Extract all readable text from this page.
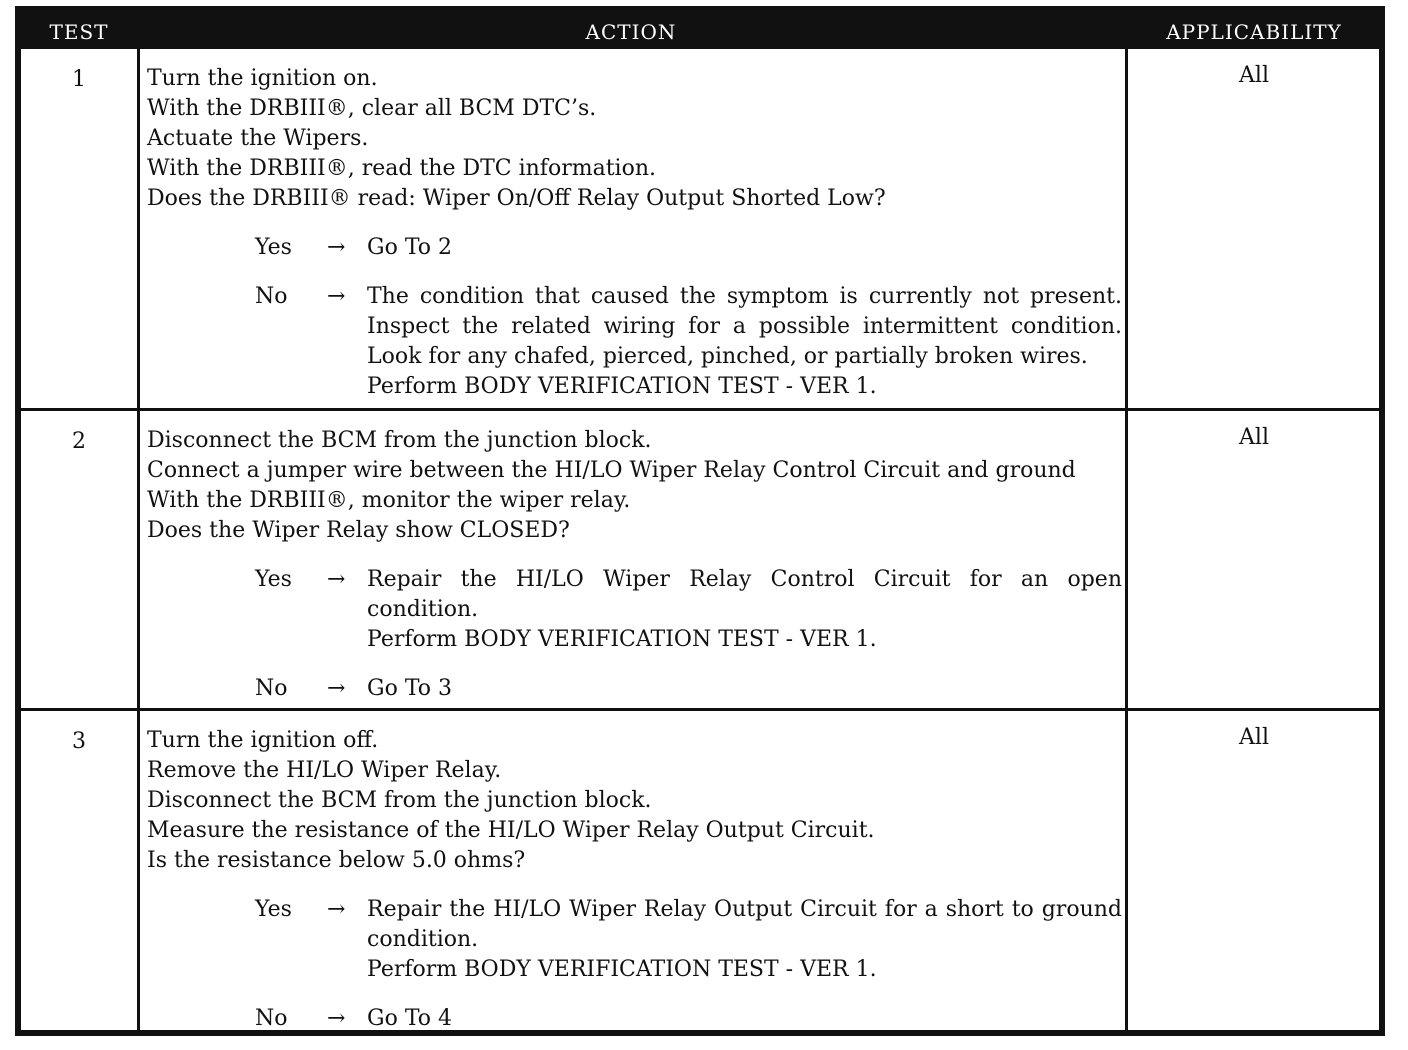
TEST	ACTION	APPLICABILITY
1	Turn the ignition on.
With the DRBIII®, clear all BCM DTC’s.
Actuate the Wipers.
With the DRBIII®, read the DTC information.
Does the DRBIII® read: Wiper On/Off Relay Output Shorted Low?
Yes → Go To 2
No → The condition that caused the symptom is currently not present. Inspect the related wiring for a possible intermittent condition. Look for any chafed, pierced, pinched, or partially broken wires.
Perform BODY VERIFICATION TEST - VER 1.
All
2	Disconnect the BCM from the junction block.
Connect a jumper wire between the HI/LO Wiper Relay Control Circuit and ground
With the DRBIII®, monitor the wiper relay.
Does the Wiper Relay show CLOSED?
Yes → Repair the HI/LO Wiper Relay Control Circuit for an open condition.
Perform BODY VERIFICATION TEST - VER 1.
No → Go To 3
All
3	Turn the ignition off.
Remove the HI/LO Wiper Relay.
Disconnect the BCM from the junction block.
Measure the resistance of the HI/LO Wiper Relay Output Circuit.
Is the resistance below 5.0 ohms?
Yes → Repair the HI/LO Wiper Relay Output Circuit for a short to ground condition.
Perform BODY VERIFICATION TEST - VER 1.
No → Go To 4
All
